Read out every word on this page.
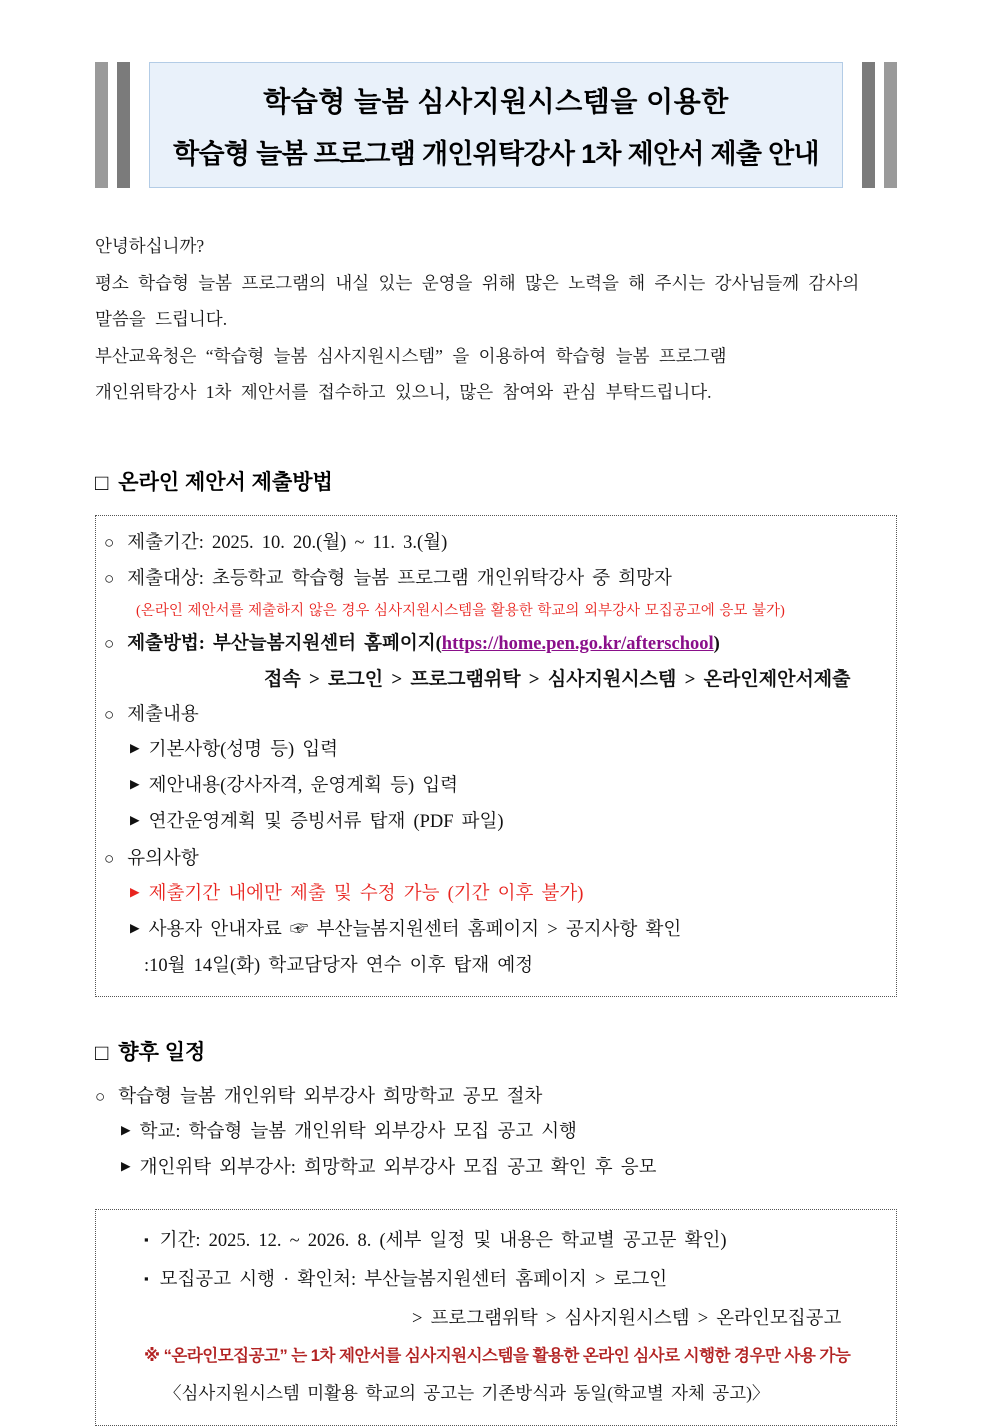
학습형 늘봄 심사지원시스템을 이용한
학습형 늘봄 프로그램 개인위탁강사 1차 제안서 제출 안내
안녕하십니까?
평소 학습형 늘봄 프로그램의 내실 있는 운영을 위해 많은 노력을 해 주시는 강사님들께 감사의
말씀을 드립니다.
부산교육청은 “학습형 늘봄 심사지원시스템” 을 이용하여 학습형 늘봄 프로그램
개인위탁강사 1차 제안서를 접수하고 있으니, 많은 참여와 관심 부탁드립니다.
□ 온라인 제안서 제출방법
○ 제출기간: 2025. 10. 20.(월) ~ 11. 3.(월)
○ 제출대상: 초등학교 학습형 늘봄 프로그램 개인위탁강사 중 희망자
(온라인 제안서를 제출하지 않은 경우 심사지원시스템을 활용한 학교의 외부강사 모집공고에 응모 불가)
○ 제출방법: 부산늘봄지원센터 홈페이지(https://home.pen.go.kr/afterschool)
접속 > 로그인 > 프로그램위탁 > 심사지원시스템 > 온라인제안서제출
○ 제출내용
▶ 기본사항(성명 등) 입력
▶ 제안내용(강사자격, 운영계획 등) 입력
▶ 연간운영계획 및 증빙서류 탑재 (PDF 파일)
○ 유의사항
▶ 제출기간 내에만 제출 및 수정 가능 (기간 이후 불가)
▶ 사용자 안내자료 ☞ 부산늘봄지원센터 홈페이지 > 공지사항 확인
:10월 14일(화) 학교담당자 연수 이후 탑재 예정
□ 향후 일정
○ 학습형 늘봄 개인위탁 외부강사 희망학교 공모 절차
▶ 학교: 학습형 늘봄 개인위탁 외부강사 모집 공고 시행
▶ 개인위탁 외부강사: 희망학교 외부강사 모집 공고 확인 후 응모
▪ 기간: 2025. 12. ~ 2026. 8. (세부 일정 및 내용은 학교별 공고문 확인)
▪ 모집공고 시행 · 확인처: 부산늘봄지원센터 홈페이지 > 로그인
> 프로그램위탁 > 심사지원시스템 > 온라인모집공고
※ “온라인모집공고” 는 1차 제안서를 심사지원시스템을 활용한 온라인 심사로 시행한 경우만 사용 가능
〈심사지원시스템 미활용 학교의 공고는 기존방식과 동일(학교별 자체 공고)〉
